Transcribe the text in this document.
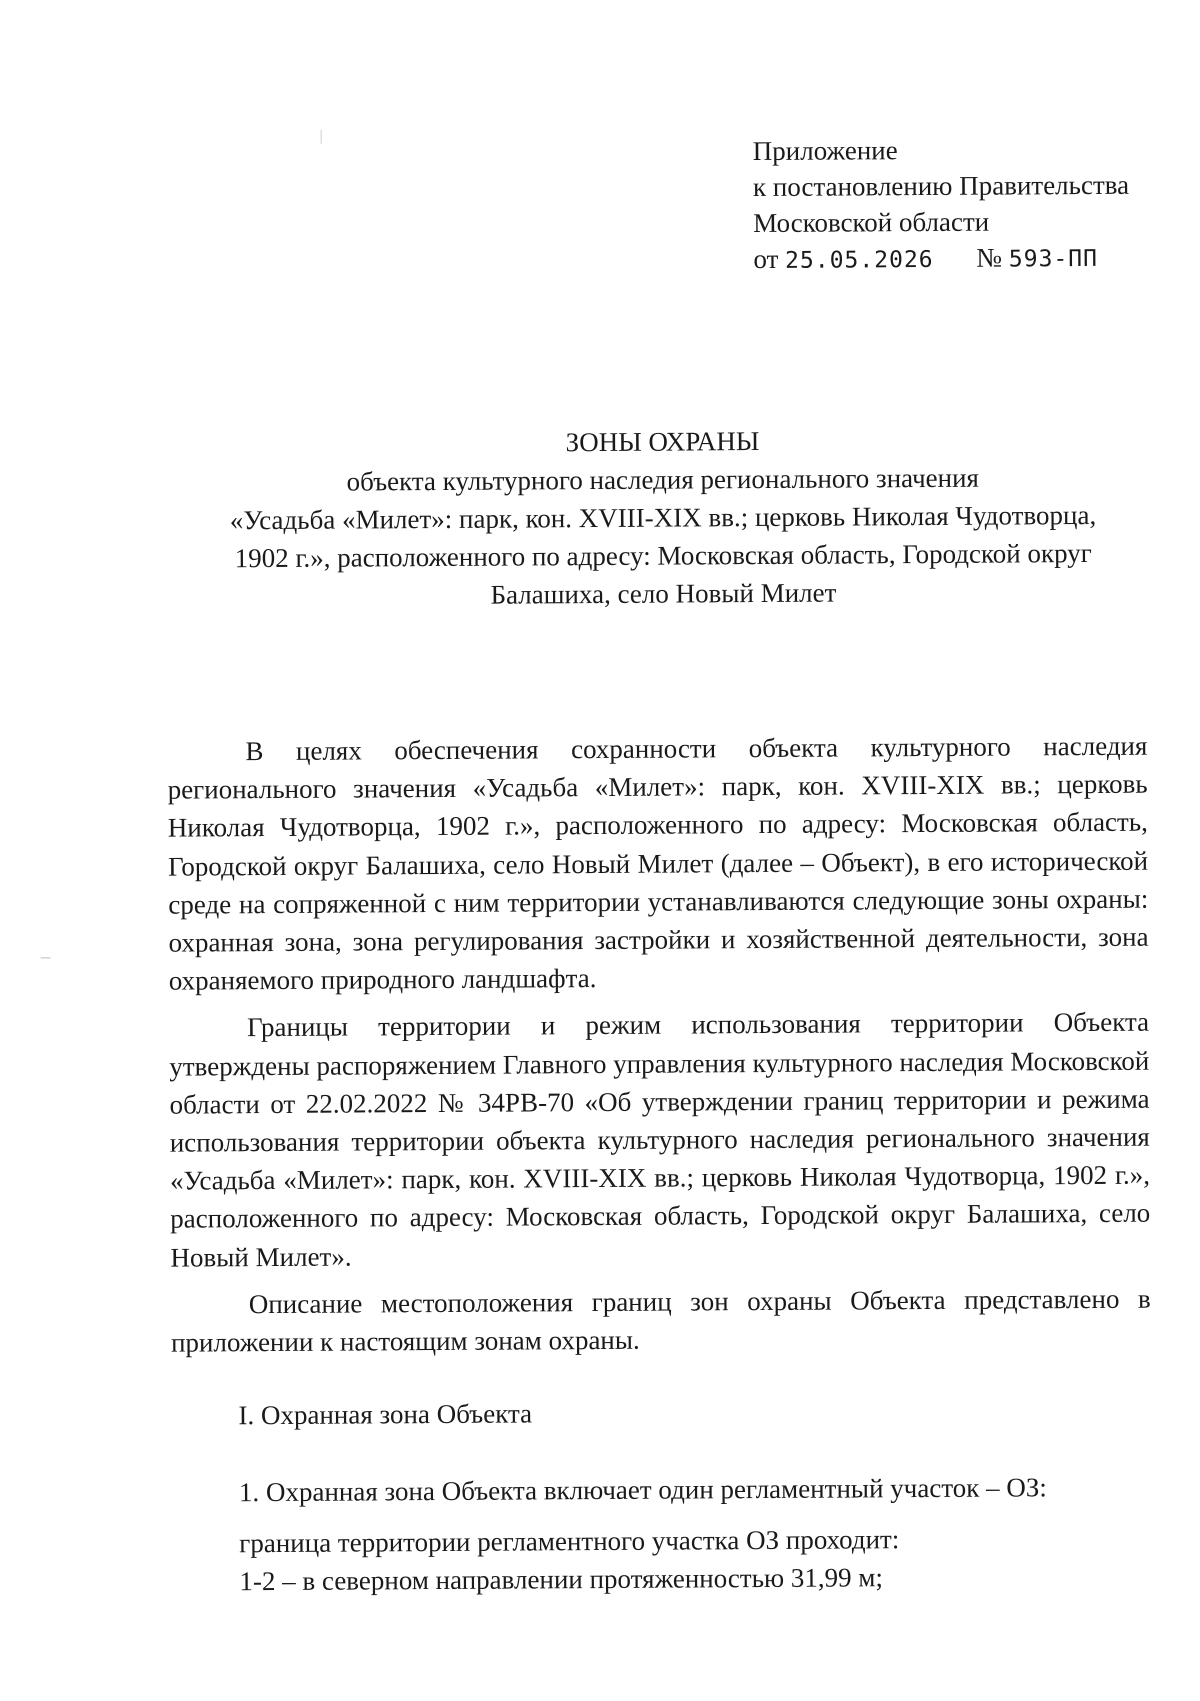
Приложение
к постановлению Правительства
Московской области
от 25.05.2026 № 593-ПП
ЗОНЫ ОХРАНЫ
объекта культурного наследия регионального значения
«Усадьба «Милет»: парк, кон. XVIII-XIX вв.; церковь Николая Чудотворца,
1902 г.», расположенного по адресу: Московская область, Городской округ
Балашиха, село Новый Милет

В целях обеспечения сохранности объекта культурного наследия регионального значения «Усадьба «Милет»: парк, кон. XVIII-XIX вв.; церковь Николая Чудотворца, 1902 г.», расположенного по адресу: Московская область, Городской округ Балашиха, село Новый Милет (далее – Объект), в его исторической среде на сопряженной с ним территории устанавливаются следующие зоны охраны: охранная зона, зона регулирования застройки и хозяйственной деятельности, зона охраняемого природного ландшафта.

Границы территории и режим использования территории Объекта утверждены распоряжением Главного управления культурного наследия Московской области от 22.02.2022 № 34РВ-70 «Об утверждении границ территории и режима использования территории объекта культурного наследия регионального значения «Усадьба «Милет»: парк, кон. XVIII-XIX вв.; церковь Николая Чудотворца, 1902 г.», расположенного по адресу: Московская область, Городской округ Балашиха, село Новый Милет».

Описание местоположения границ зон охраны Объекта представлено в приложении к настоящим зонам охраны.

I. Охранная зона Объекта

1. Охранная зона Объекта включает один регламентный участок – ОЗ:

граница территории регламентного участка ОЗ проходит:
1-2 – в северном направлении протяженностью 31,99 м;
